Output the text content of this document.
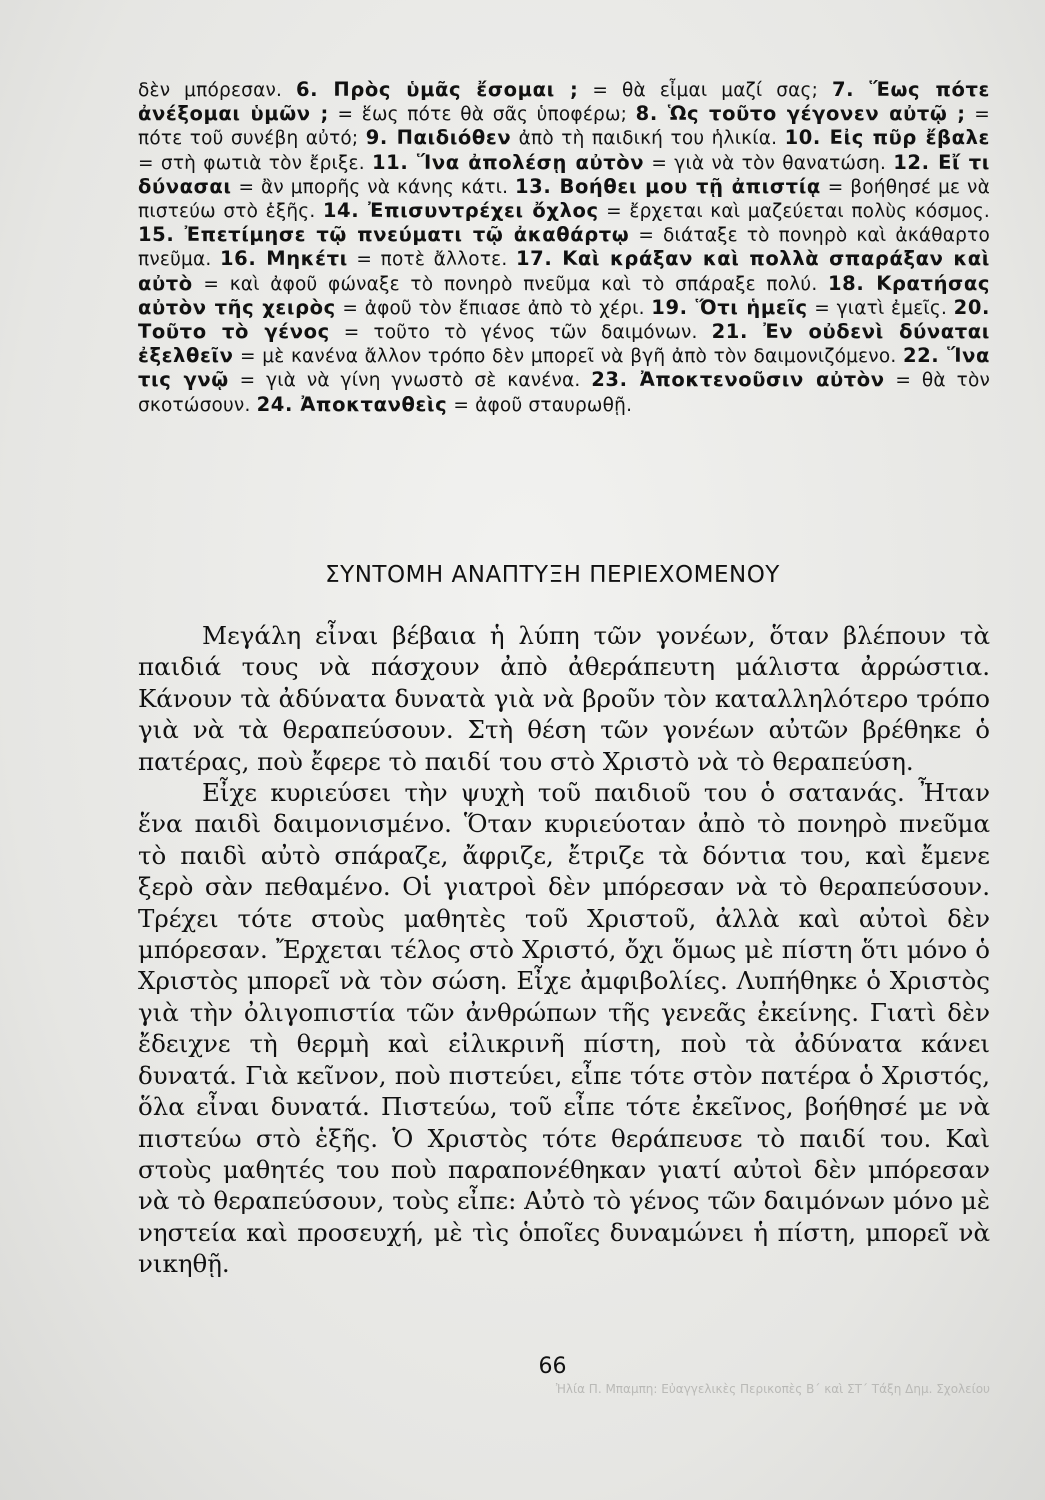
δὲν μπόρεσαν. 6. Πρὸς ὑμᾶς ἔσομαι ; = θὰ εἶμαι μαζί σας; 7. Ἕως πότε ἀνέξομαι ὑμῶν ; = ἕως πότε θὰ σᾶς ὑποφέρω; 8. Ὡς τοῦτο γέγονεν αὐτῷ ; = πότε τοῦ συνέβη αὐτό; 9. Παιδιόθεν ἀπὸ τὴ παιδική του ἡλικία. 10. Εἰς πῦρ ἔβαλε = στὴ φωτιὰ τὸν ἔριξε. 11. Ἵνα ἀπολέσῃ αὐτὸν = γιὰ νὰ τὸν θανατώση. 12. Εἴ τι δύνασαι = ἂν μπορῆς νὰ κάνης κάτι. 13. Βοήθει μου τῇ ἀπιστίᾳ = βοήθησέ με νὰ πιστεύω στὸ ἑξῆς. 14. Ἐπισυντρέχει ὄχλος = ἔρχεται καὶ μαζεύεται πολὺς κόσμος. 15. Ἐπετίμησε τῷ πνεύματι τῷ ἀκαθάρτῳ = διάταξε τὸ πονηρὸ καὶ ἀκάθαρτο πνεῦμα. 16. Μηκέτι = ποτὲ ἄλλοτε. 17. Καὶ κράξαν καὶ πολλὰ σπαράξαν καὶ αὐτὸ = καὶ ἀφοῦ φώναξε τὸ πονηρὸ πνεῦμα καὶ τὸ σπάραξε πολύ. 18. Κρατήσας αὐτὸν τῆς χειρὸς = ἀφοῦ τὸν ἔπιασε ἀπὸ τὸ χέρι. 19. Ὅτι ἡμεῖς = γιατὶ ἐμεῖς. 20. Τοῦτο τὸ γένος = τοῦτο τὸ γένος τῶν δαιμόνων. 21. Ἐν οὐδενὶ δύναται ἐξελθεῖν = μὲ κανένα ἄλλον τρόπο δὲν μπορεῖ νὰ βγῆ ἀπὸ τὸν δαιμονιζόμενο. 22. Ἵνα τις γνῷ = γιὰ νὰ γίνη γνωστὸ σὲ κανένα. 23. Ἀποκτενοῦσιν αὐτὸν = θὰ τὸν σκοτώσουν. 24. Ἀποκτανθεὶς = ἀφοῦ σταυρωθῇ.
ΣΥΝΤΟΜΗ ΑΝΑΠΤΥΞΗ ΠΕΡΙΕΧΟΜΕΝΟΥ

Μεγάλη εἶναι βέβαια ἡ λύπη τῶν γονέων, ὅταν βλέπουν τὰ παιδιά τους νὰ πάσχουν ἀπὸ ἀθεράπευτη μάλιστα ἀρρώστια. Κάνουν τὰ ἀδύνατα δυνατὰ γιὰ νὰ βροῦν τὸν καταλληλότερο τρόπο γιὰ νὰ τὰ θεραπεύσουν. Στὴ θέση τῶν γονέων αὐτῶν βρέθηκε ὁ πατέρας, ποὺ ἔφερε τὸ παιδί του στὸ Χριστὸ νὰ τὸ θεραπεύση.

Εἶχε κυριεύσει τὴν ψυχὴ τοῦ παιδιοῦ του ὁ σατανάς. Ἦταν ἕνα παιδὶ δαιμονισμένο. Ὅταν κυριεύοταν ἀπὸ τὸ πονηρὸ πνεῦμα τὸ παιδὶ αὐτὸ σπάραζε, ἄφριζε, ἔτριζε τὰ δόντια του, καὶ ἔμενε ξερὸ σὰν πεθαμένο. Οἱ γιατροὶ δὲν μπόρεσαν νὰ τὸ θεραπεύσουν. Τρέχει τότε στοὺς μαθητὲς τοῦ Χριστοῦ, ἀλλὰ καὶ αὐτοὶ δὲν μπόρεσαν. Ἔρχεται τέλος στὸ Χριστό, ὄχι ὅμως μὲ πίστη ὅτι μόνο ὁ Χριστὸς μπορεῖ νὰ τὸν σώση. Εἶχε ἀμφιβολίες. Λυπήθηκε ὁ Χριστὸς γιὰ τὴν ὀλιγοπιστία τῶν ἀνθρώπων τῆς γενεᾶς ἐκείνης. Γιατὶ δὲν ἔδειχνε τὴ θερμὴ καὶ εἰλικρινῆ πίστη, ποὺ τὰ ἀδύνατα κάνει δυνατά. Γιὰ κεῖνον, ποὺ πιστεύει, εἶπε τότε στὸν πατέρα ὁ Χριστός, ὅλα εἶναι δυνατά. Πιστεύω, τοῦ εἶπε τότε ἐκεῖνος, βοήθησέ με νὰ πιστεύω στὸ ἑξῆς. Ὁ Χριστὸς τότε θεράπευσε τὸ παιδί του. Καὶ στοὺς μαθητές του ποὺ παραπονέθηκαν γιατί αὐτοὶ δὲν μπόρεσαν νὰ τὸ θεραπεύσουν, τοὺς εἶπε: Αὐτὸ τὸ γένος τῶν δαιμόνων μόνο μὲ νηστεία καὶ προσευχή, μὲ τὶς ὁποῖες δυναμώνει ἡ πίστη, μπορεῖ νὰ νικηθῇ.

66
Ἠλία Π. Μπαμπη: Εὐαγγελικὲς Περικοπὲς Β΄ καὶ ΣΤ΄ Τάξη Δημ. Σχολείου
